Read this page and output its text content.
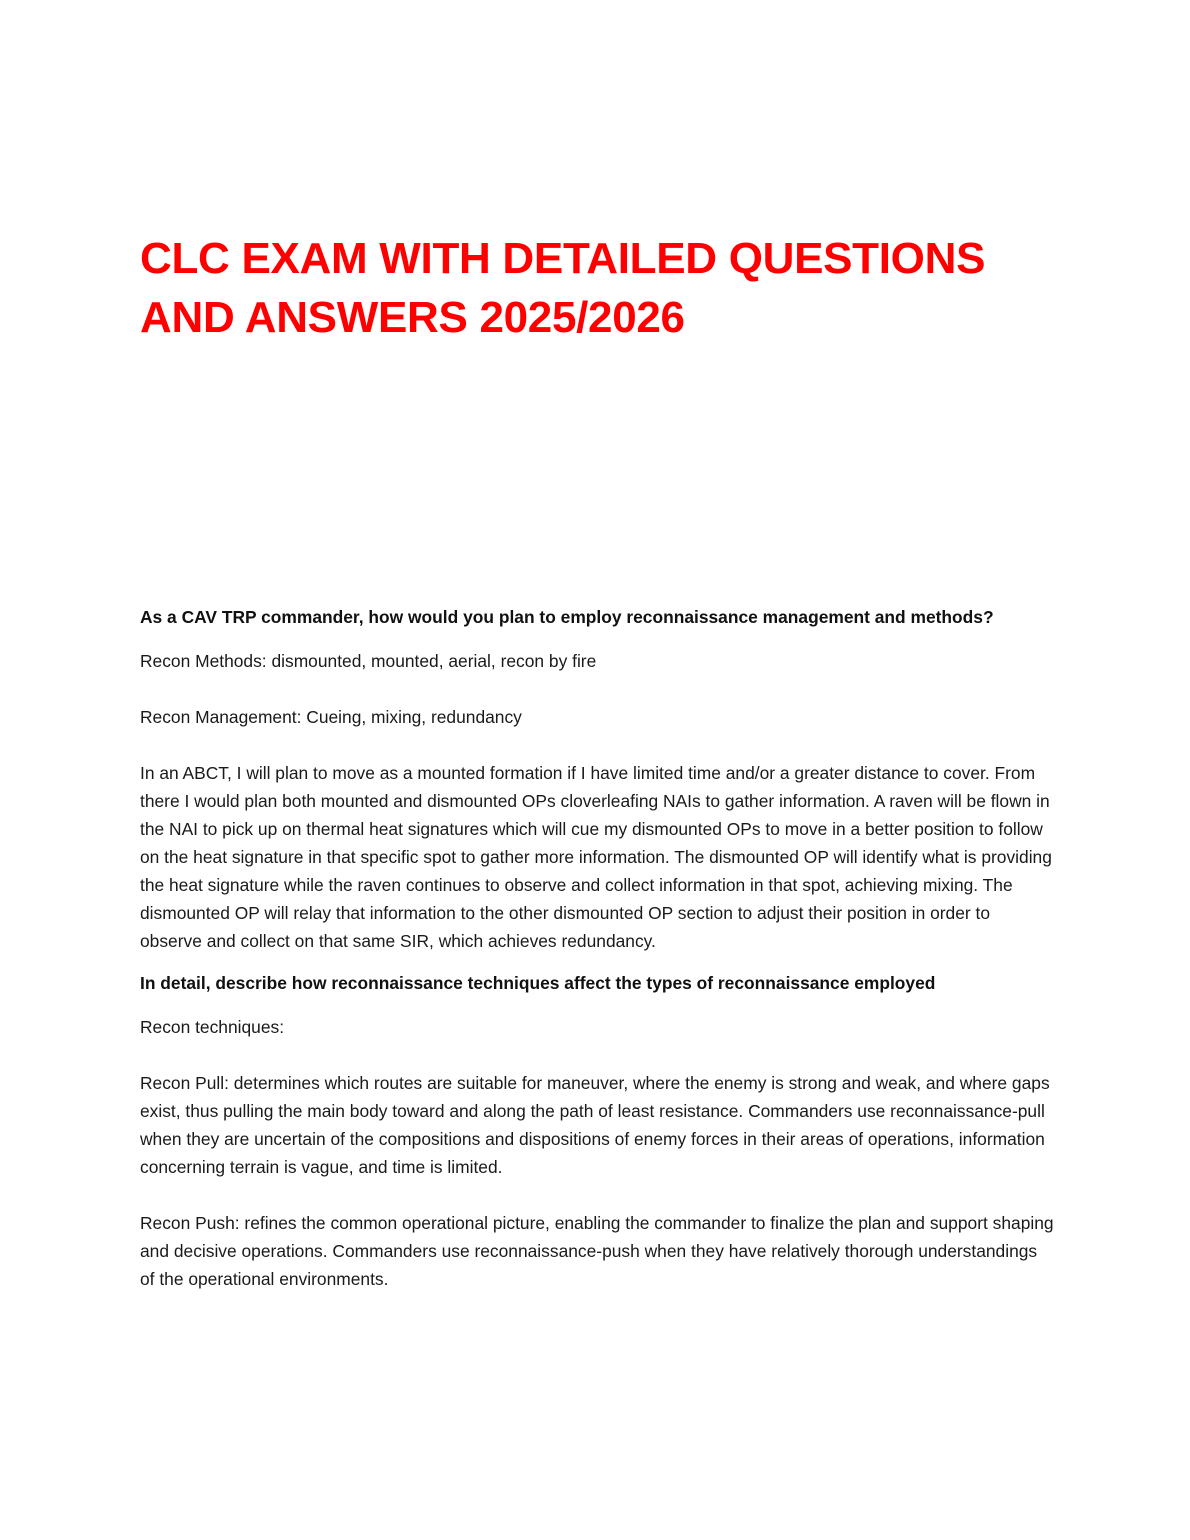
CLC EXAM WITH DETAILED QUESTIONS AND ANSWERS 2025/2026

As a CAV TRP commander, how would you plan to employ reconnaissance management and methods?

Recon Methods: dismounted, mounted, aerial, recon by fire

Recon Management: Cueing, mixing, redundancy

In an ABCT, I will plan to move as a mounted formation if I have limited time and/or a greater distance to cover. From there I would plan both mounted and dismounted OPs cloverleafing NAIs to gather information. A raven will be flown in the NAI to pick up on thermal heat signatures which will cue my dismounted OPs to move in a better position to follow on the heat signature in that specific spot to gather more information. The dismounted OP will identify what is providing the heat signature while the raven continues to observe and collect information in that spot, achieving mixing. The dismounted OP will relay that information to the other dismounted OP section to adjust their position in order to observe and collect on that same SIR, which achieves redundancy.

In detail, describe how reconnaissance techniques affect the types of reconnaissance employed

Recon techniques:

Recon Pull: determines which routes are suitable for maneuver, where the enemy is strong and weak, and where gaps exist, thus pulling the main body toward and along the path of least resistance. Commanders use reconnaissance-pull when they are uncertain of the compositions and dispositions of enemy forces in their areas of operations, information concerning terrain is vague, and time is limited.

Recon Push: refines the common operational picture, enabling the commander to finalize the plan and support shaping and decisive operations. Commanders use reconnaissance-push when they have relatively thorough understandings of the operational environments.
